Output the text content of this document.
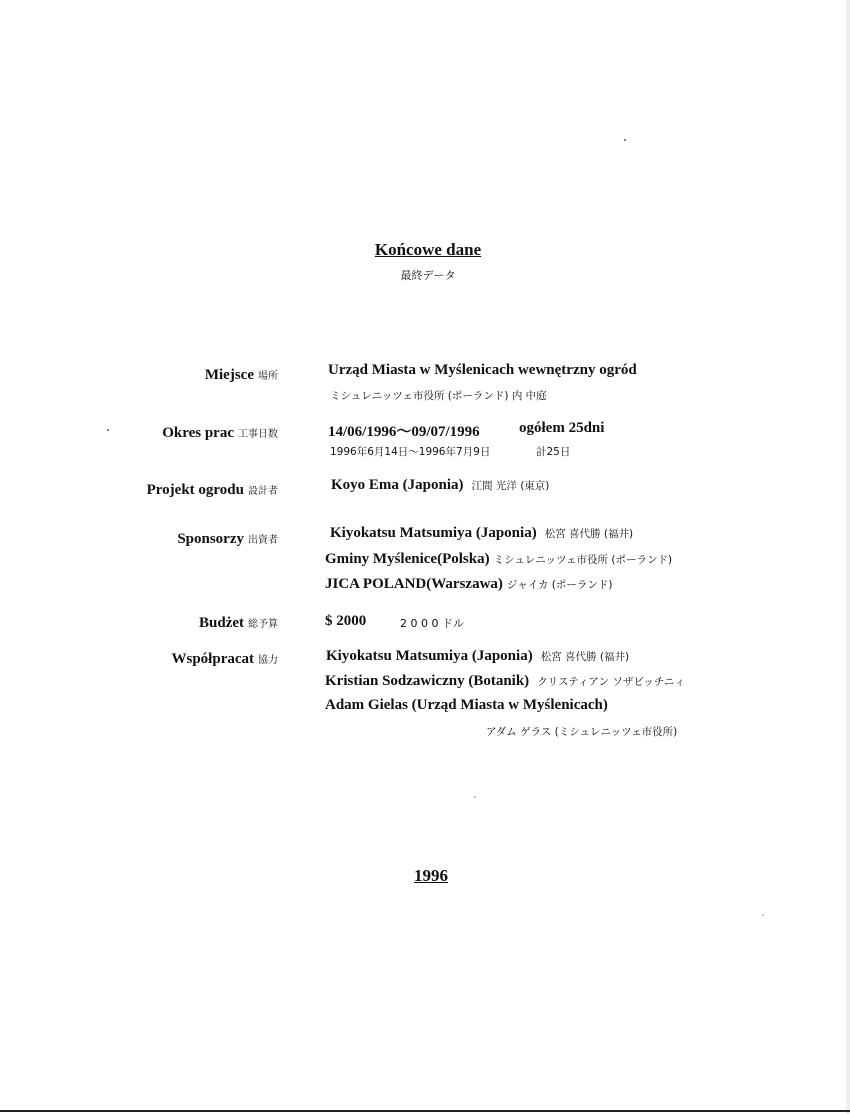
Końcowe dane
最終データ
Miejsce 場所	Urząd Miasta w Myślenicach wewnętrzny ogród
ミシュレニッツェ市役所 (ポーランド) 内 中庭
Okres prac 工事日数	14/06/1996～09/07/1996	ogółem 25dni
1996年6月14日～1996年7月9日	計25日
Projekt ogrodu 設計者	Koyo Ema (Japonia) 江間 光洋 (東京)
Sponsorzy 出資者	Kiyokatsu Matsumiya (Japonia) 松宮 喜代勝 (福井)
Gminy Myślenice(Polska) ミシュレニッツェ市役所 (ポーランド)
JICA POLAND(Warszawa) ジャイカ (ポーランド)
Budżet 総予算	$ 2000	2 0 0 0 ドル
Współpracat 協力	Kiyokatsu Matsumiya (Japonia) 松宮 喜代勝 (福井)
Kristian Sodzawiczny (Botanik) クリスティアン ソザビッチニィ
Adam Gielas (Urząd Miasta w Myślenicach)
アダム ゲラス (ミシュレニッツェ市役所)
1996
